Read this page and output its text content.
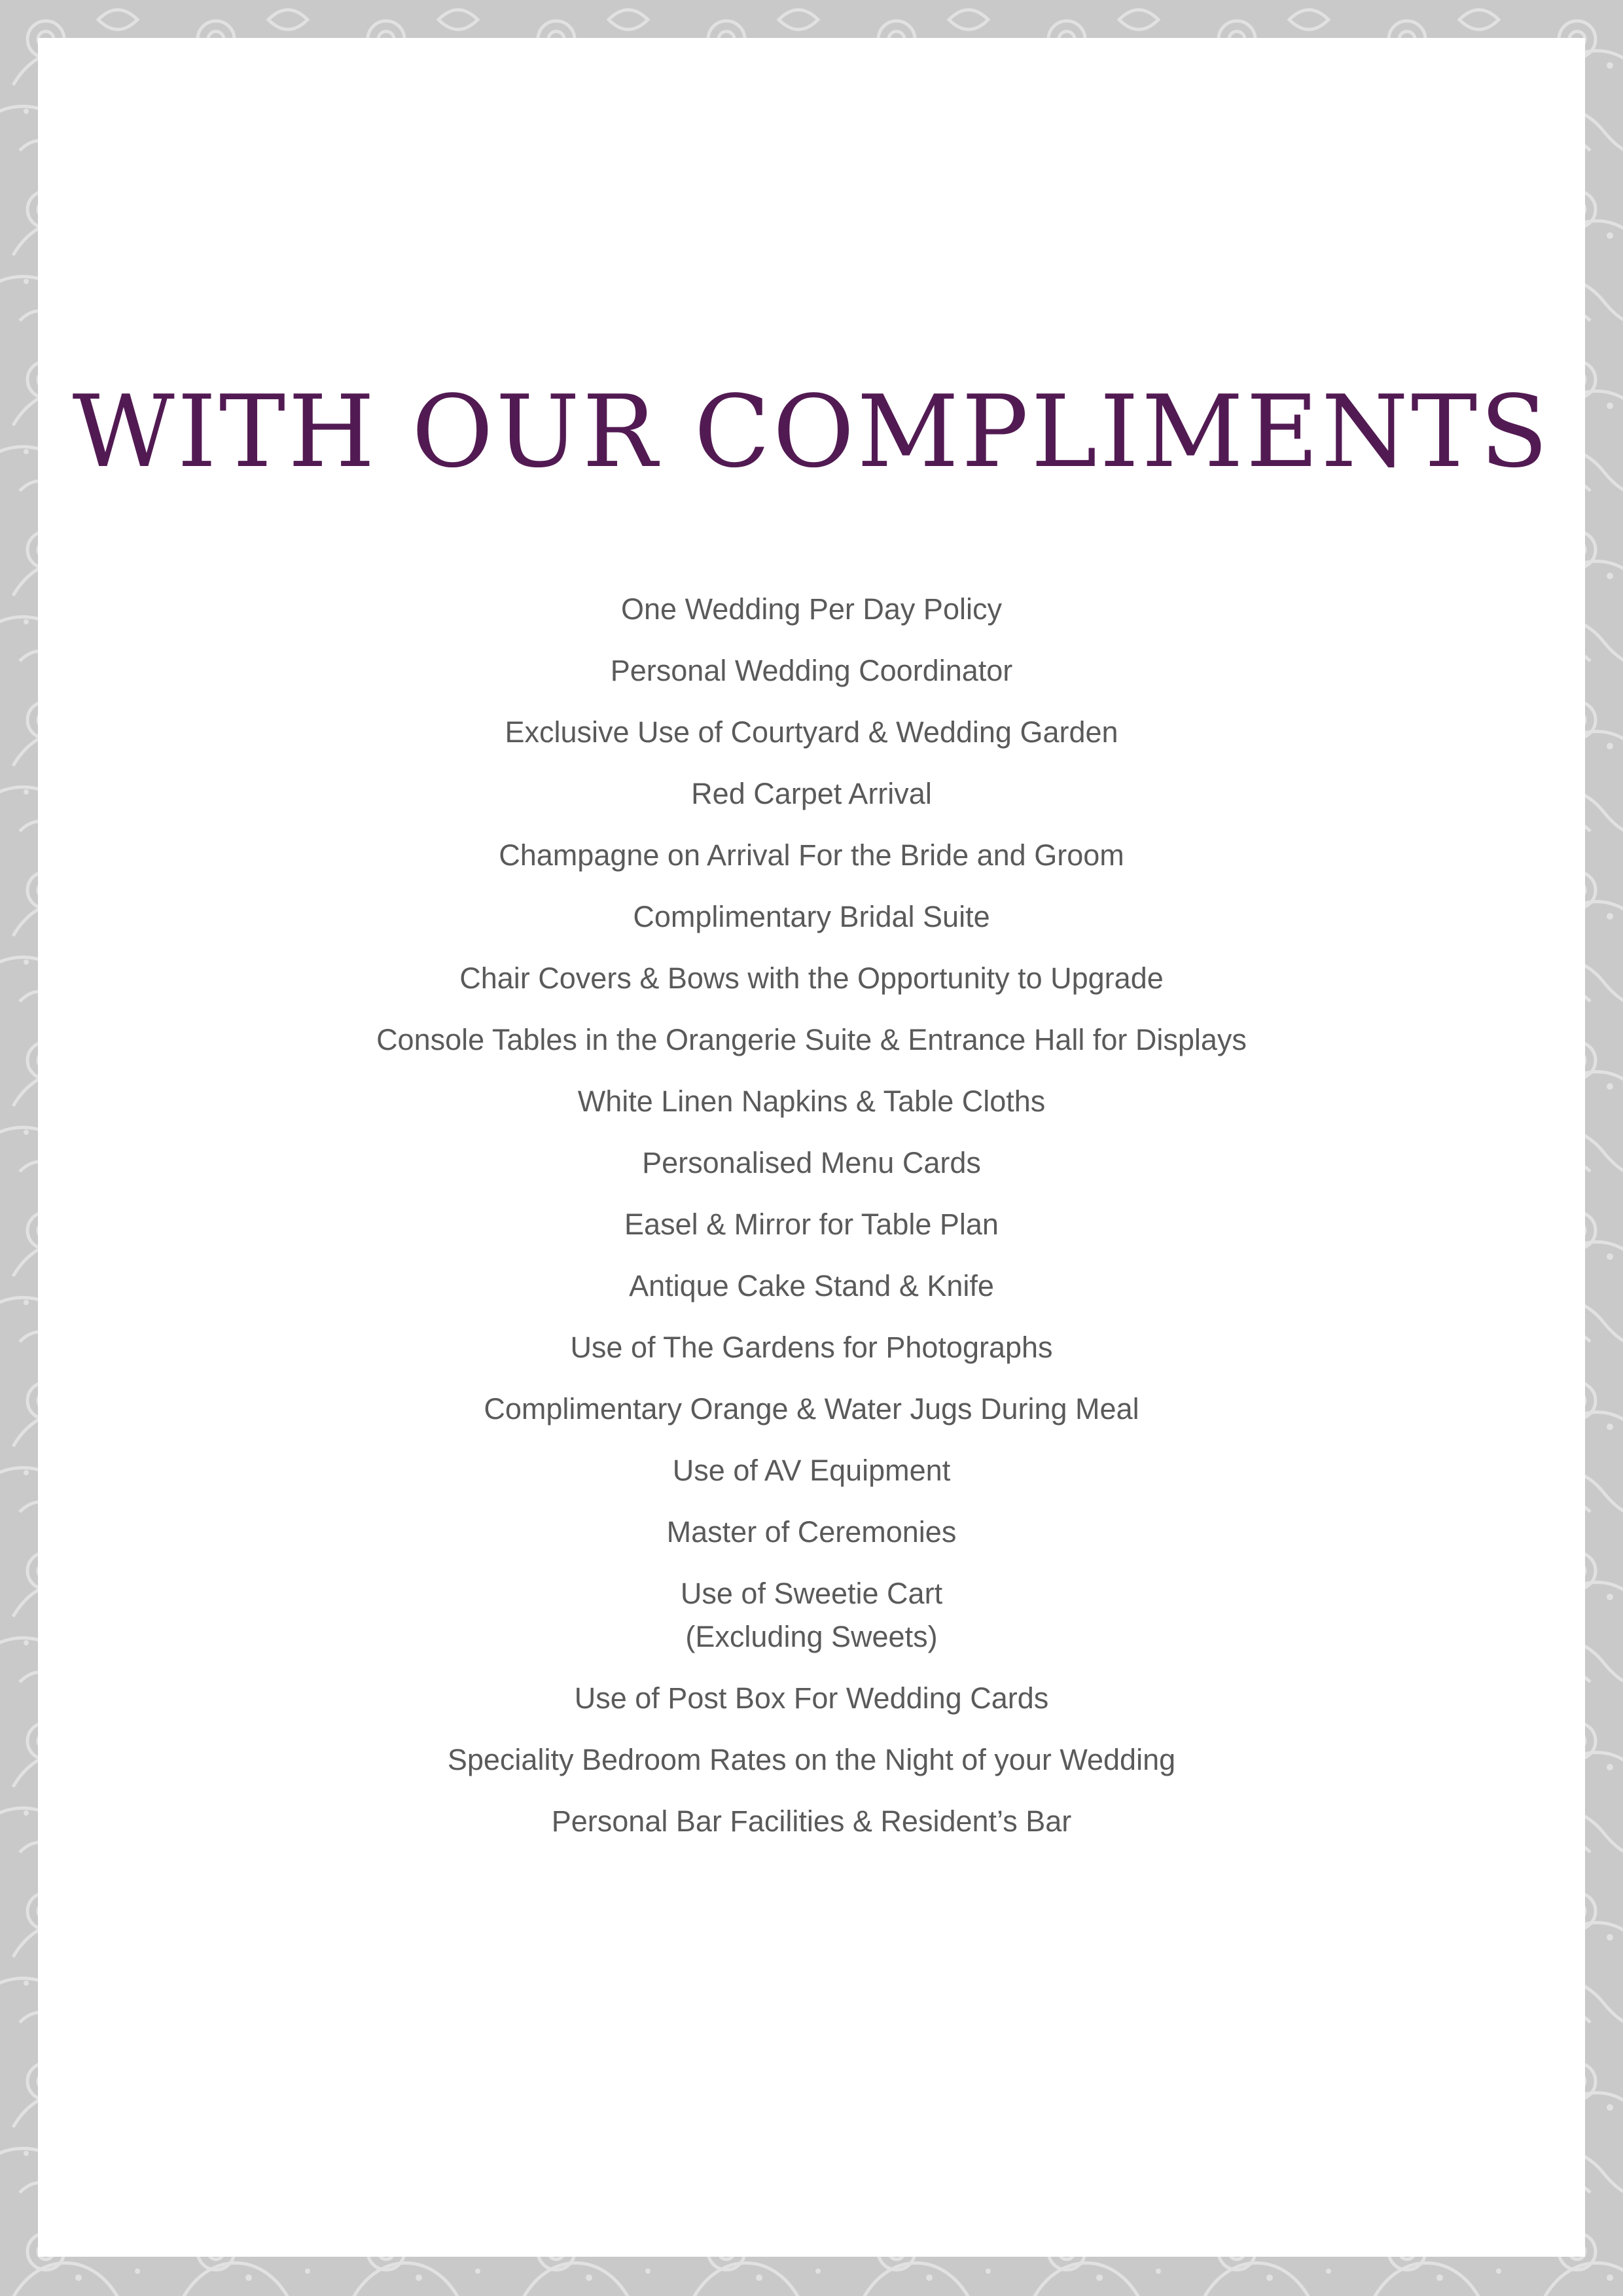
WITH OUR COMPLIMENTS
One Wedding Per Day Policy
Personal Wedding Coordinator
Exclusive Use of Courtyard & Wedding Garden
Red Carpet Arrival
Champagne on Arrival For the Bride and Groom
Complimentary Bridal Suite
Chair Covers & Bows with the Opportunity to Upgrade
Console Tables in the Orangerie Suite & Entrance Hall for Displays
White Linen Napkins & Table Cloths
Personalised Menu Cards
Easel & Mirror for Table Plan
Antique Cake Stand & Knife
Use of The Gardens for Photographs
Complimentary Orange & Water Jugs During Meal
Use of AV Equipment
Master of Ceremonies
Use of Sweetie Cart
(Excluding Sweets)
Use of Post Box For Wedding Cards
Speciality Bedroom Rates on the Night of your Wedding
Personal Bar Facilities & Resident’s Bar
